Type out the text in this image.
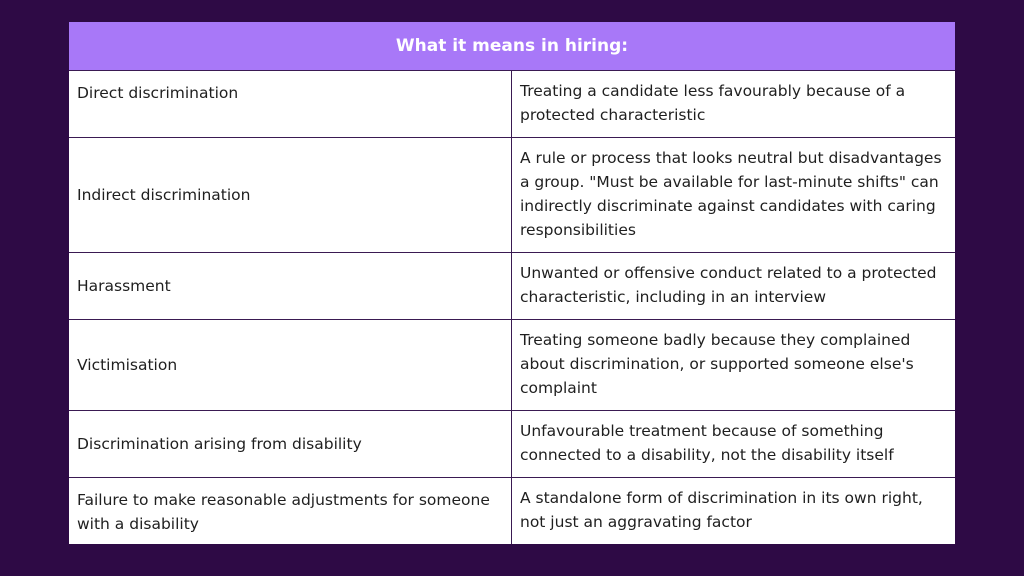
What it means in hiring:
Direct discrimination	Treating a candidate less favourably because of a protected characteristic
Indirect discrimination
A rule or process that looks neutral but disadvantages a group. "Must be available for last-minute shifts" can indirectly discriminate against candidates with caring responsibilities
Harassment
Unwanted or offensive conduct related to a protected characteristic, including in an interview
Victimisation
Treating someone badly because they complained about discrimination, or supported someone else's complaint
Discrimination arising from disability
Unfavourable treatment because of something connected to a disability, not the disability itself
Failure to make reasonable adjustments for someone with a disability
A standalone form of discrimination in its own right, not just an aggravating factor
